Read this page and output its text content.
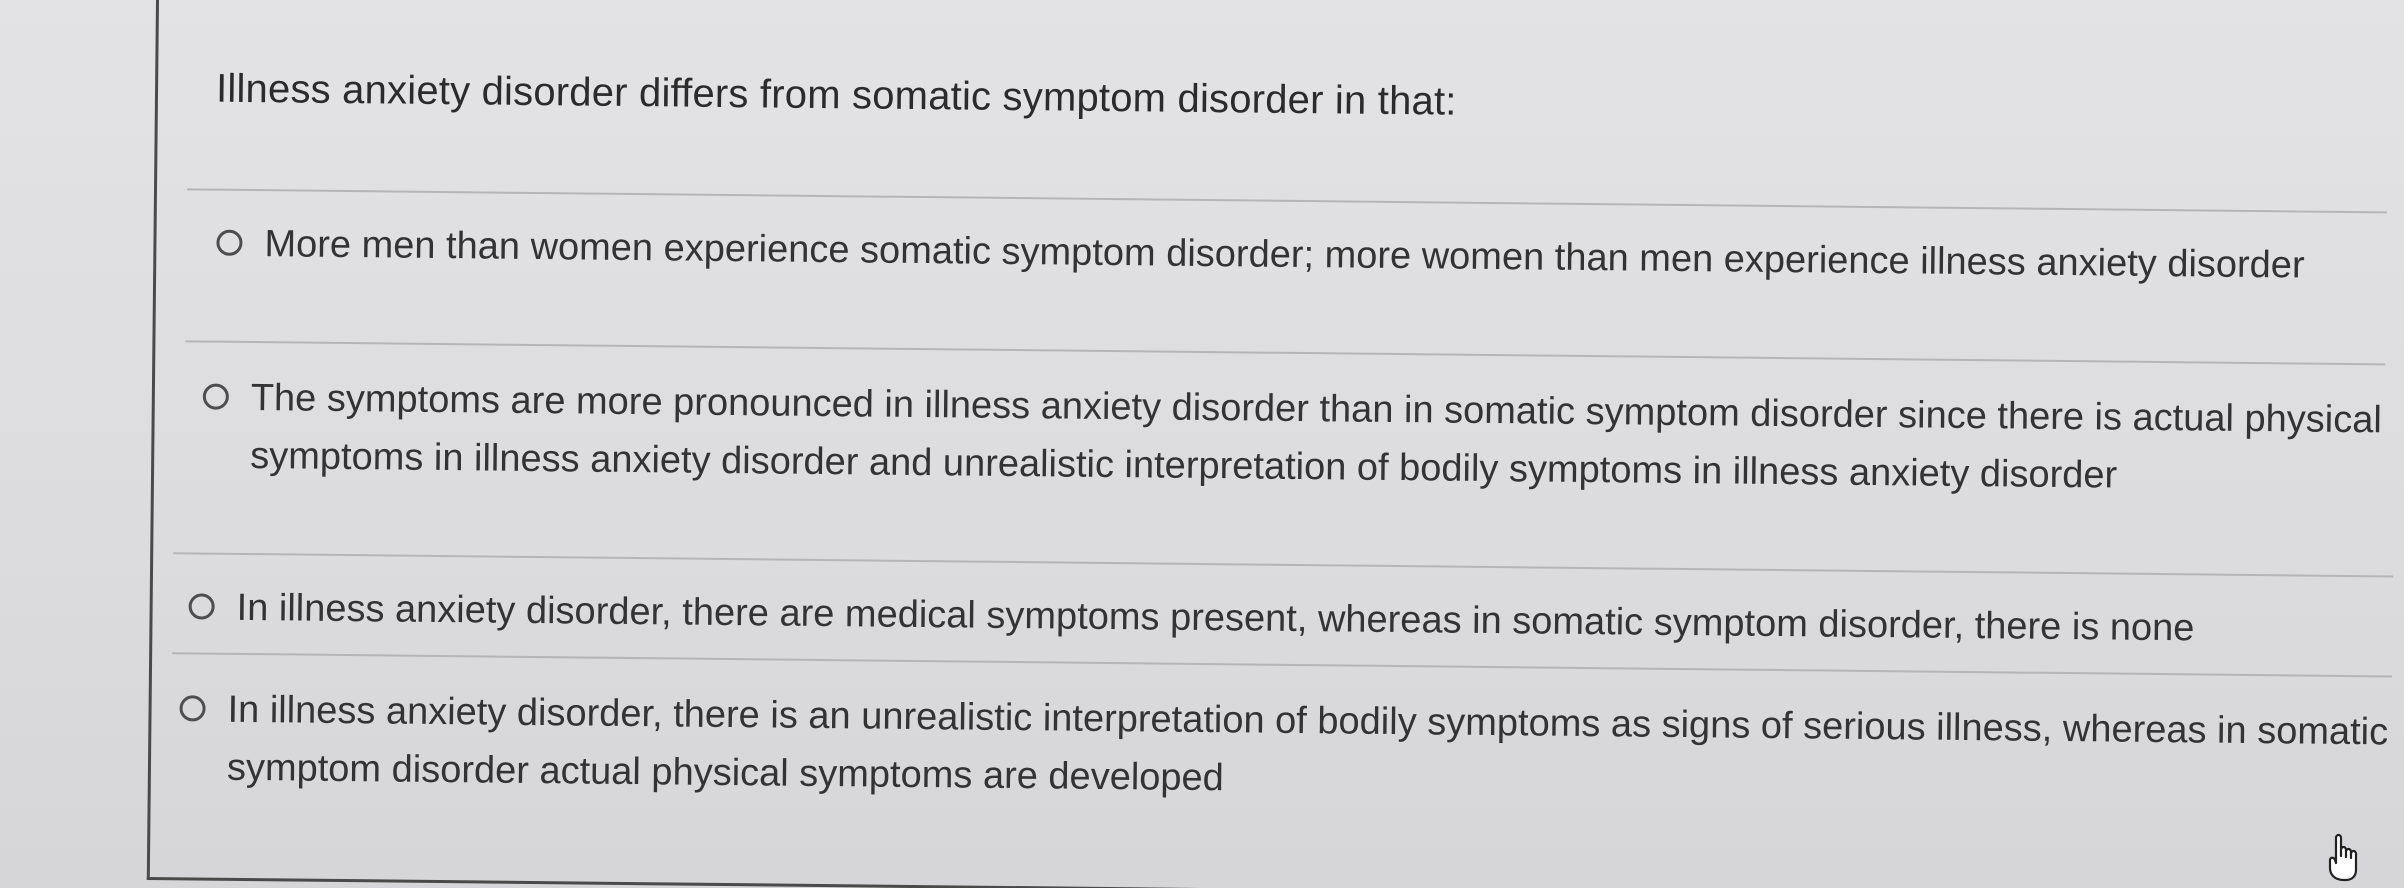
Illness anxiety disorder differs from somatic symptom disorder in that:
More men than women experience somatic symptom disorder; more women than men experience illness anxiety disorder
The symptoms are more pronounced in illness anxiety disorder than in somatic symptom disorder since there is actual physical symptoms in illness anxiety disorder and unrealistic interpretation of bodily symptoms in illness anxiety disorder
In illness anxiety disorder, there are medical symptoms present, whereas in somatic symptom disorder, there is none
In illness anxiety disorder, there is an unrealistic interpretation of bodily symptoms as signs of serious illness, whereas in somatic symptom disorder actual physical symptoms are developed
